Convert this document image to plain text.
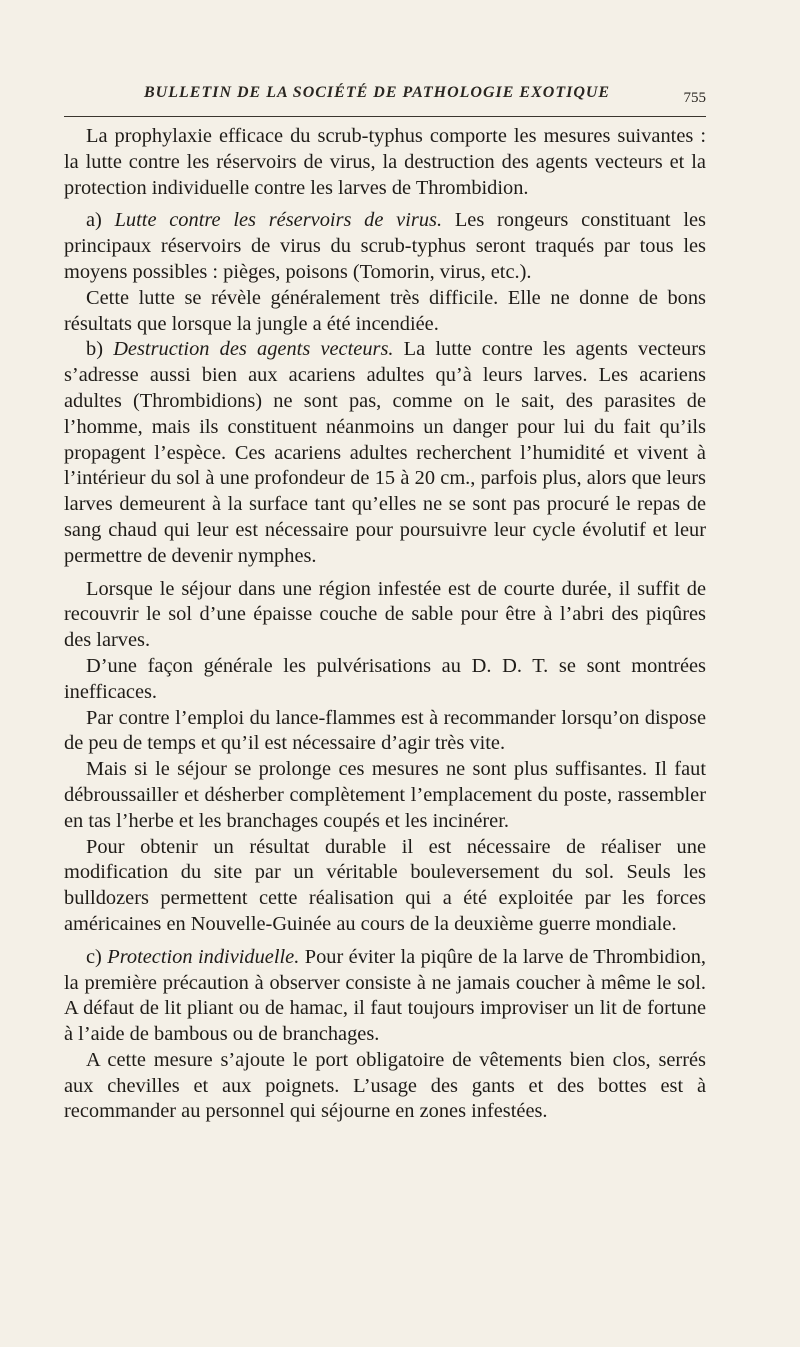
BULLETIN DE LA SOCIÉTÉ DE PATHOLOGIE EXOTIQUE	755

La prophylaxie efficace du scrub-typhus comporte les mesures suivantes : la lutte contre les réservoirs de virus, la destruction des agents vecteurs et la protection individuelle contre les larves de Thrombidion.

a) Lutte contre les réservoirs de virus. Les rongeurs constituant les principaux réservoirs de virus du scrub-typhus seront traqués par tous les moyens possibles : pièges, poisons (Tomorin, virus, etc.).

Cette lutte se révèle généralement très difficile. Elle ne donne de bons résultats que lorsque la jungle a été incendiée.

b) Destruction des agents vecteurs. La lutte contre les agents vecteurs s’adresse aussi bien aux acariens adultes qu’à leurs larves. Les acariens adultes (Thrombidions) ne sont pas, comme on le sait, des parasites de l’homme, mais ils constituent néanmoins un danger pour lui du fait qu’ils propagent l’espèce. Ces acariens adultes recherchent l’humidité et vivent à l’intérieur du sol à une profondeur de 15 à 20 cm., parfois plus, alors que leurs larves demeurent à la surface tant qu’elles ne se sont pas procuré le repas de sang chaud qui leur est nécessaire pour poursuivre leur cycle évolutif et leur permettre de devenir nymphes.

Lorsque le séjour dans une région infestée est de courte durée, il suffit de recouvrir le sol d’une épaisse couche de sable pour être à l’abri des piqûres des larves.

D’une façon générale les pulvérisations au D. D. T. se sont montrées inefficaces.

Par contre l’emploi du lance-flammes est à recommander lorsqu’on dispose de peu de temps et qu’il est nécessaire d’agir très vite.

Mais si le séjour se prolonge ces mesures ne sont plus suffisantes. Il faut débroussailler et désherber complètement l’emplacement du poste, rassembler en tas l’herbe et les branchages coupés et les incinérer.

Pour obtenir un résultat durable il est nécessaire de réaliser une modification du site par un véritable bouleversement du sol. Seuls les bulldozers permettent cette réalisation qui a été exploitée par les forces américaines en Nouvelle-Guinée au cours de la deuxième guerre mondiale.

c) Protection individuelle. Pour éviter la piqûre de la larve de Thrombidion, la première précaution à observer consiste à ne jamais coucher à même le sol. A défaut de lit pliant ou de hamac, il faut toujours improviser un lit de fortune à l’aide de bambous ou de branchages.

A cette mesure s’ajoute le port obligatoire de vêtements bien clos, serrés aux chevilles et aux poignets. L’usage des gants et des bottes est à recommander au personnel qui séjourne en zones infestées.
